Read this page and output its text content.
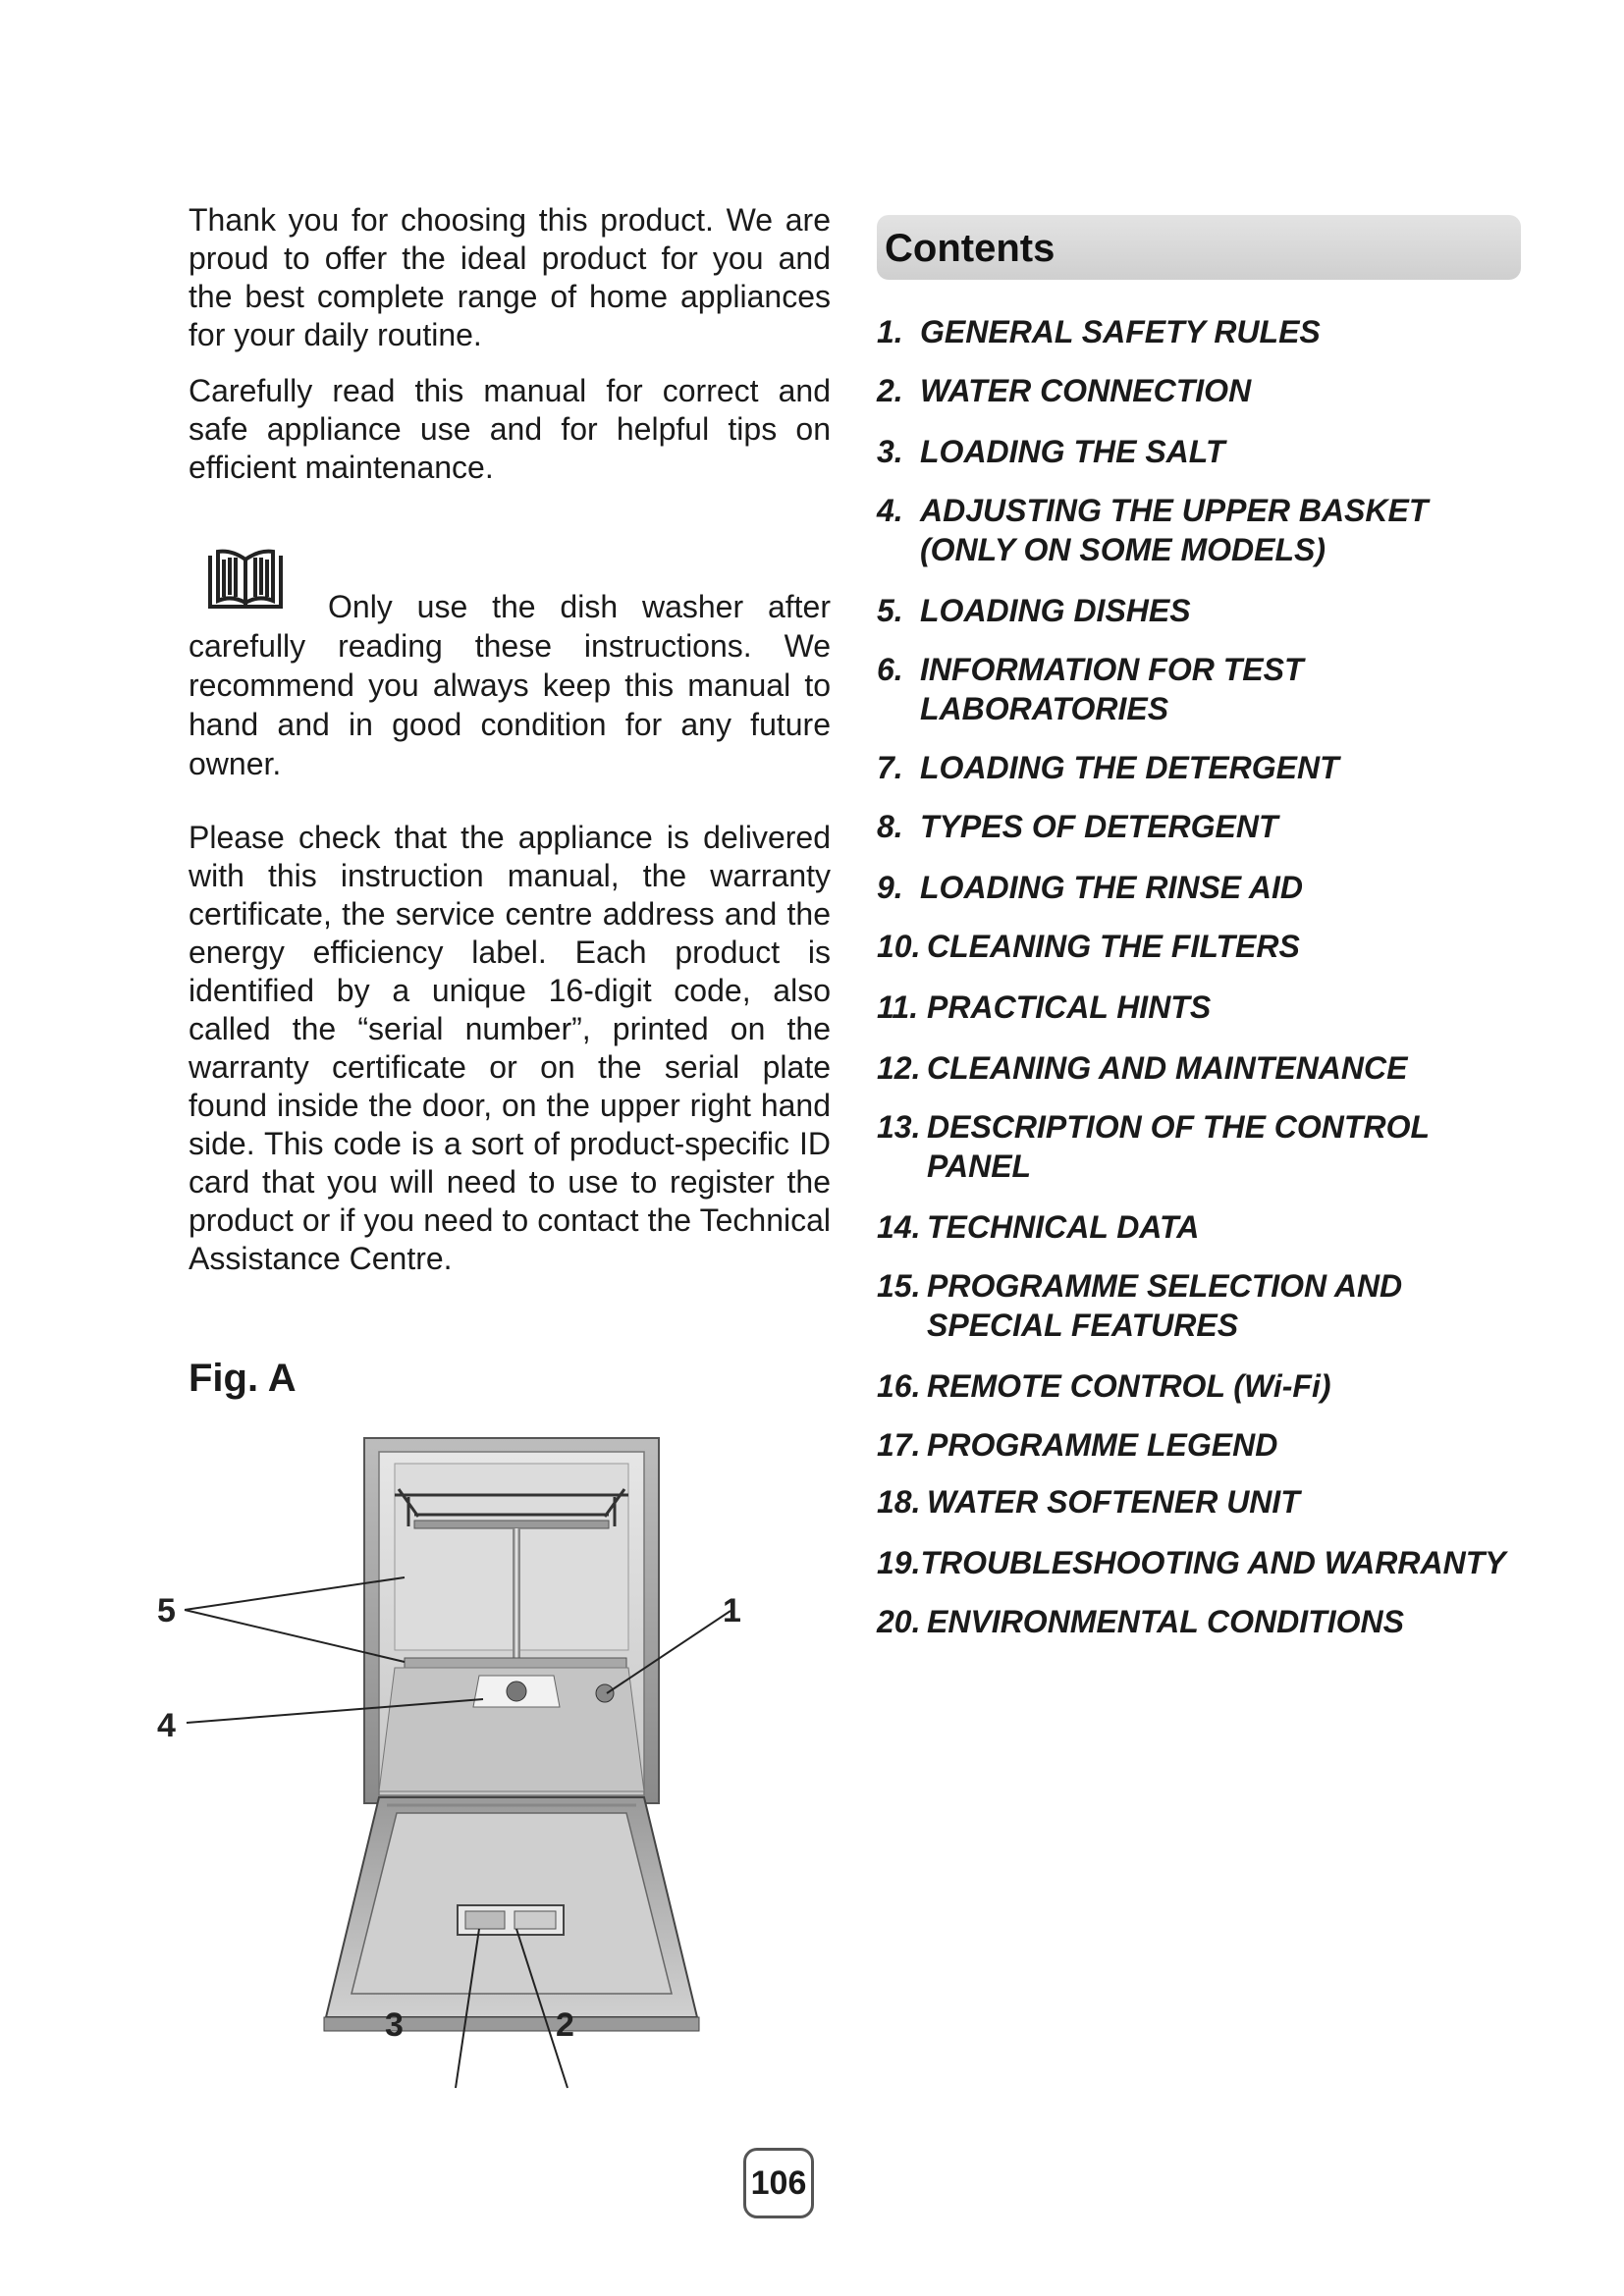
Thank you for choosing this product. We are proud to offer the ideal product for you and the best complete range of home appliances for your daily routine.

Carefully read this manual for correct and safe appliance use and for helpful tips on efficient maintenance.

Only use the dish washer after carefully reading these instructions. We recommend you always keep this manual to hand and in good condition for any future owner.

Please check that the appliance is delivered with this instruction manual, the warranty certificate, the service centre address and the energy efficiency label. Each product is identified by a unique 16-digit code, also called the “serial number”, printed on the warranty certificate or on the serial plate found inside the door, on the upper right hand side. This code is a sort of product-specific ID card that you will need to use to register the product or if you need to contact the Technical Assistance Centre.

Fig. A

5	1
4
3	2

Contents

1. GENERAL SAFETY RULES
2. WATER CONNECTION
3. LOADING THE SALT
4. ADJUSTING THE UPPER BASKET
(ONLY ON SOME MODELS)
5. LOADING DISHES
6. INFORMATION FOR TEST
LABORATORIES
7. LOADING THE DETERGENT
8. TYPES OF DETERGENT
9. LOADING THE RINSE AID
10. CLEANING THE FILTERS
11. PRACTICAL HINTS
12. CLEANING AND MAINTENANCE
13. DESCRIPTION OF THE CONTROL
PANEL
14. TECHNICAL DATA
15. PROGRAMME SELECTION AND
SPECIAL FEATURES
16. REMOTE CONTROL (Wi-Fi)
17. PROGRAMME LEGEND
18. WATER SOFTENER UNIT
19.TROUBLESHOOTING AND WARRANTY
20. ENVIRONMENTAL CONDITIONS
106
